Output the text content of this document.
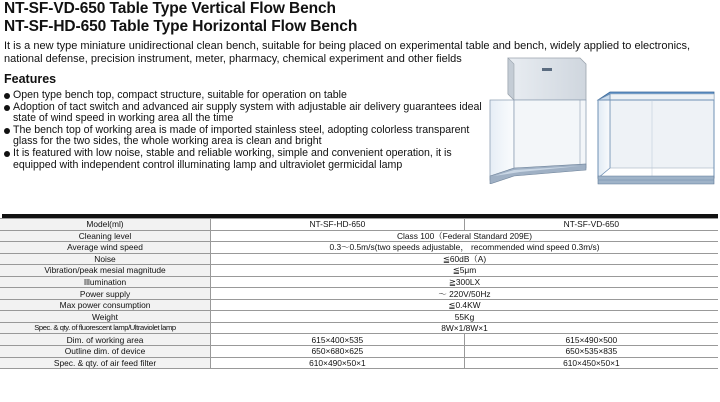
NT-SF-VD-650 Table Type Vertical Flow Bench
NT-SF-HD-650 Table Type Horizontal Flow Bench
It is a new type miniature unidirectional clean bench, suitable for being placed on experimental table and bench, widely applied to electronics, national defense, precision instrument, meter, pharmacy, chemical experiment and other fields
Features
Open type bench top, compact structure, suitable for operation on table
Adoption of tact switch and advanced air supply system with adjustable air delivery guarantees ideal state of wind speed in working area all the time
The bench top of working area is made of imported stainless steel, adopting colorless transparent glass for the two sides, the whole working area is clean and bright
It is featured with low noise, stable and reliable working, simple and convenient operation, it is equipped with independent control illuminating lamp and ultraviolet germicidal lamp
Model(ml)	NT-SF-HD-650	NT-SF-VD-650
Cleaning level	Class 100（Federal Standard 209E)	
Average wind speed	0.3～0.5m/s(two speeds adjustable， recommended wind speed 0.3m/s)	
Noise	≦60dB（A)	
Vibration/peak mesial magnitude	≦5μm	
Illumination	≧300LX	
Power supply	～ 220V/50Hz	
Max power consumption	≦0.4KW	
Weight	55Kg	
Spec. & qty. of fluorescent lamp/Ultraviolet lamp	8W×1/8W×1	
Dim. of working area	615×400×535	615×490×500
Outline dim. of device	650×680×625	650×535×835
Spec. & qty. of air feed filter	610×490×50×1	610×450×50×1
